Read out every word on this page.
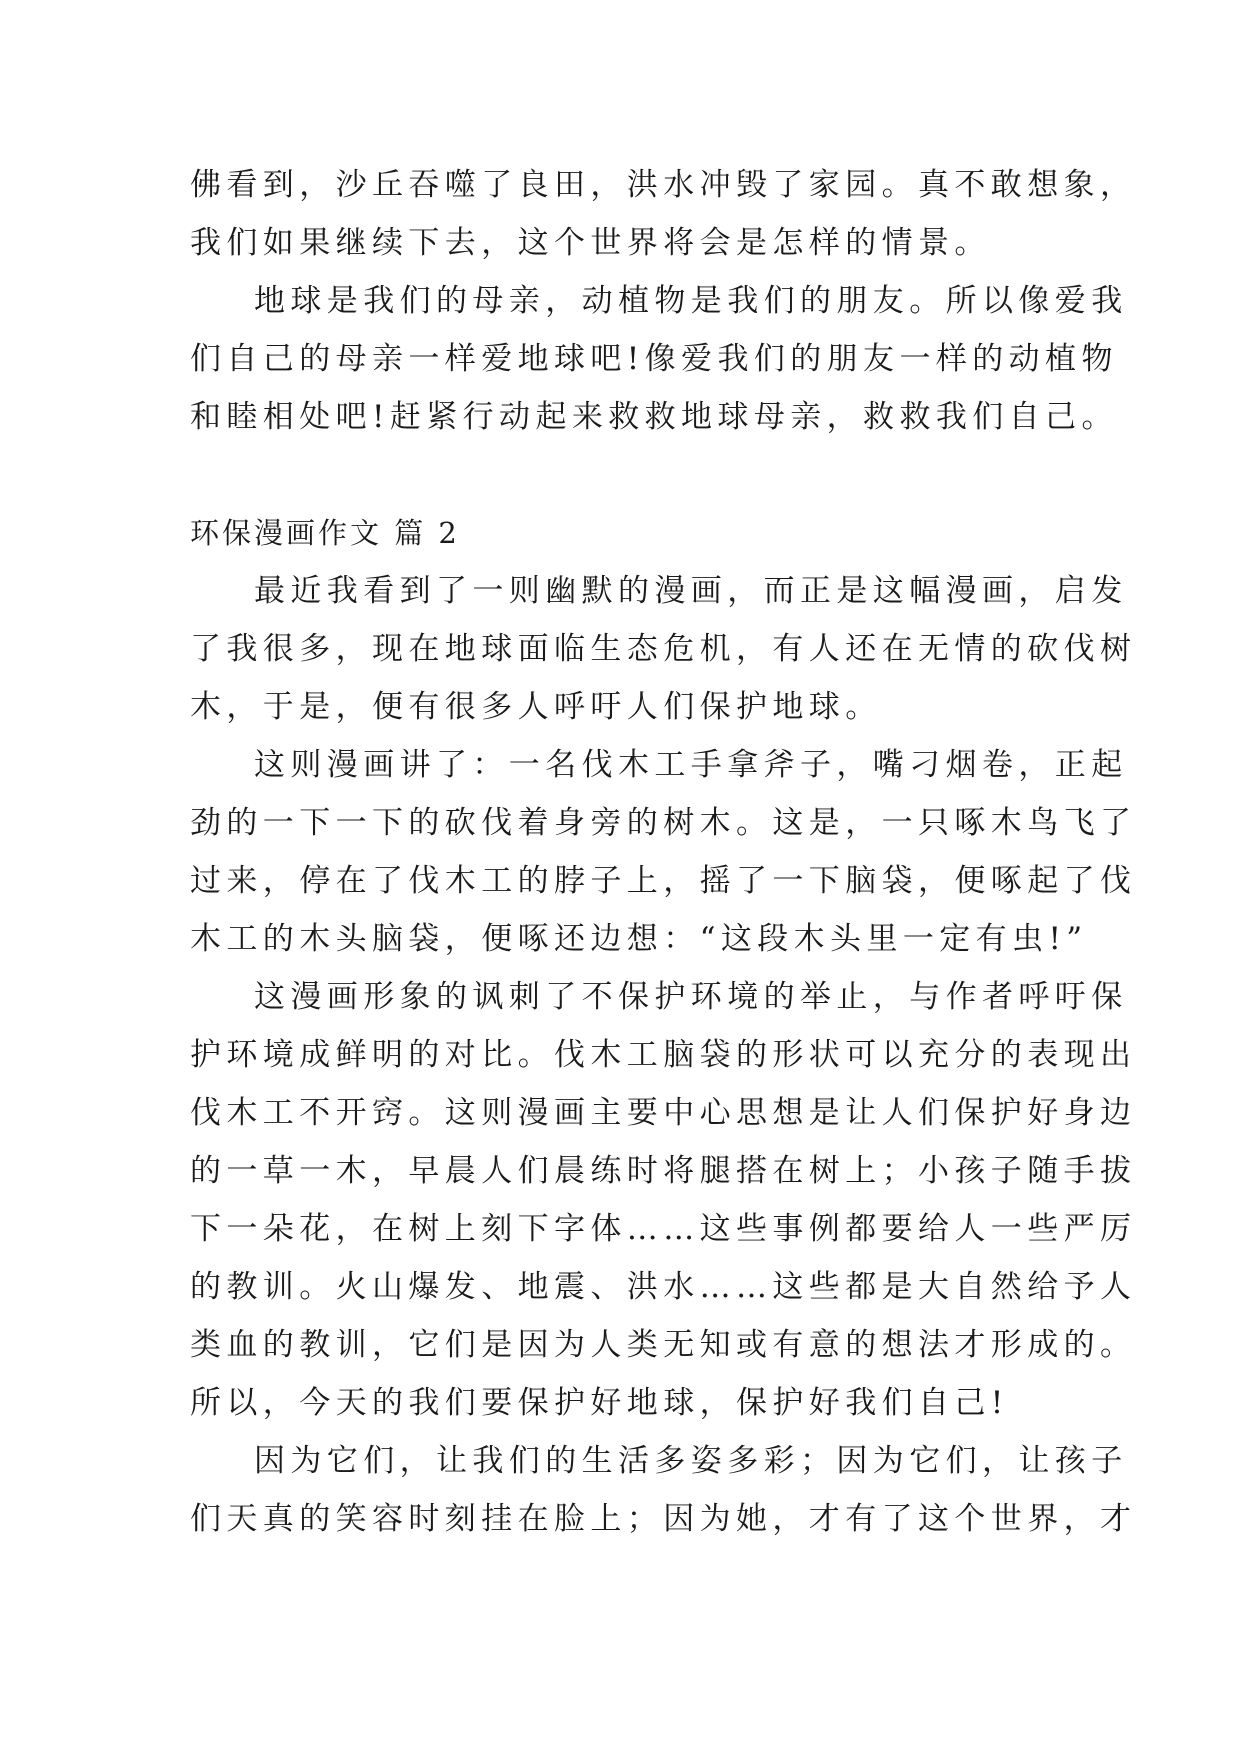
佛看到，沙丘吞噬了良田，洪水冲毁了家园。真不敢想象，
我们如果继续下去，这个世界将会是怎样的情景。
地球是我们的母亲，动植物是我们的朋友。所以像爱我
们自己的母亲一样爱地球吧!像爱我们的朋友一样的动植物
和睦相处吧!赶紧行动起来救救地球母亲，救救我们自己。
环保漫画作文 篇 2
最近我看到了一则幽默的漫画，而正是这幅漫画，启发
了我很多，现在地球面临生态危机，有人还在无情的砍伐树
木，于是，便有很多人呼吁人们保护地球。
这则漫画讲了：一名伐木工手拿斧子，嘴刁烟卷，正起
劲的一下一下的砍伐着身旁的树木。这是，一只啄木鸟飞了
过来，停在了伐木工的脖子上，摇了一下脑袋，便啄起了伐
木工的木头脑袋，便啄还边想：“这段木头里一定有虫!”
这漫画形象的讽刺了不保护环境的举止，与作者呼吁保
护环境成鲜明的对比。伐木工脑袋的形状可以充分的表现出
伐木工不开窍。这则漫画主要中心思想是让人们保护好身边
的一草一木，早晨人们晨练时将腿搭在树上；小孩子随手拔
下一朵花，在树上刻下字体……这些事例都要给人一些严厉
的教训。火山爆发、地震、洪水……这些都是大自然给予人
类血的教训，它们是因为人类无知或有意的想法才形成的。
所以，今天的我们要保护好地球，保护好我们自己!
因为它们，让我们的生活多姿多彩；因为它们，让孩子
们天真的笑容时刻挂在脸上；因为她，才有了这个世界，才
